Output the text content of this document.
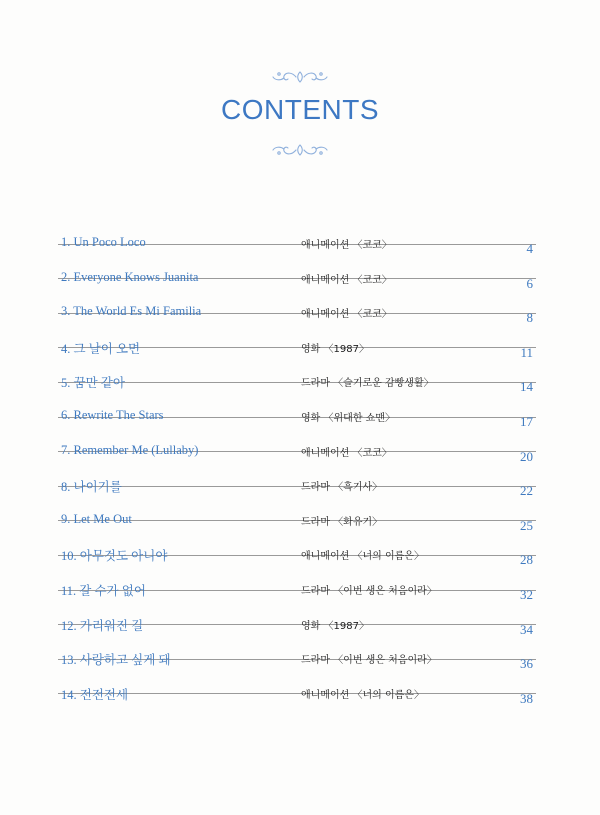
CONTENTS
1. Un Poco Loco	애니메이션 〈코코〉	4
2. Everyone Knows Juanita	애니메이션 〈코코〉	6
3. The World Es Mi Familia	애니메이션 〈코코〉	8
4. 그 날이 오면	영화 〈1987〉	11
5. 꿈만 같아	드라마 〈슬기로운 감빵생활〉	14
6. Rewrite The Stars	영화 〈위대한 쇼맨〉	17
7. Remember Me (Lullaby)	애니메이션 〈코코〉	20
8. 나이기를	드라마 〈흑기사〉	22
9. Let Me Out	드라마 〈화유기〉	25
10. 아무것도 아니야	애니메이션 〈너의 이름은〉	28
11. 갈 수가 없어	드라마 〈이번 생은 처음이라〉	32
12. 가리워진 길	영화 〈1987〉	34
13. 사랑하고 싶게 돼	드라마 〈이번 생은 처음이라〉	36
14. 전전전세	애니메이션 〈너의 이름은〉	38
